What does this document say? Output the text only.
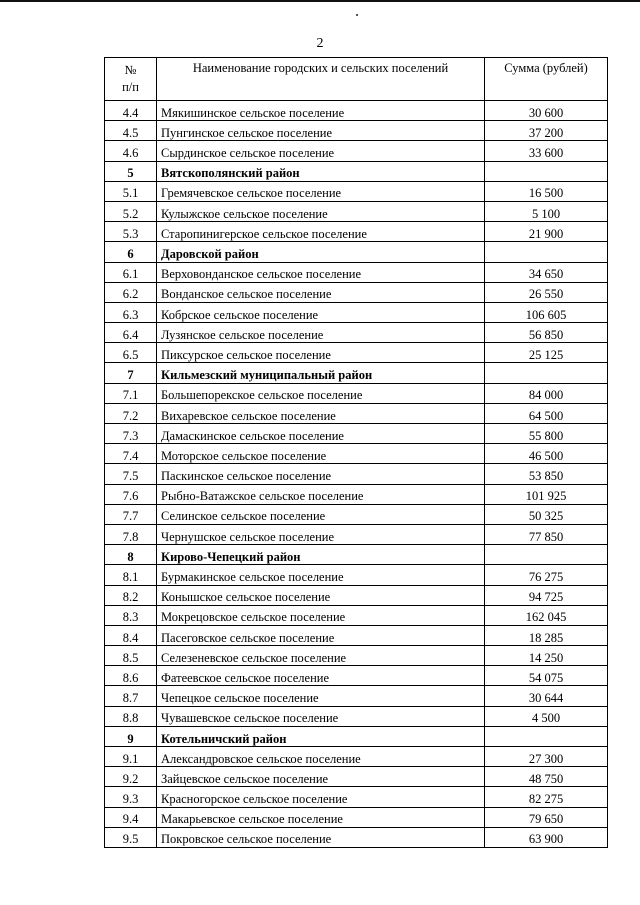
2
№
п/п	Наименование городских и сельских поселений	Сумма (рублей)
4.4	Мякишинское сельское поселение	30 600
4.5	Пунгинское сельское поселение	37 200
4.6	Сырдинское сельское поселение	33 600
5	Вятскополянский район	
5.1	Гремячевское сельское поселение	16 500
5.2	Кулыжское сельское поселение	5 100
5.3	Старопинигерское сельское поселение	21 900
6	Даровской район	
6.1	Верховонданское сельское поселение	34 650
6.2	Вонданское сельское поселение	26 550
6.3	Кобрское сельское поселение	106 605
6.4	Лузянское сельское поселение	56 850
6.5	Пиксурское сельское поселение	25 125
7	Кильмезский муниципальный район	
7.1	Большепорекское сельское поселение	84 000
7.2	Вихаревское сельское поселение	64 500
7.3	Дамаскинское сельское поселение	55 800
7.4	Моторское сельское поселение	46 500
7.5	Паскинское сельское поселение	53 850
7.6	Рыбно-Ватажское сельское поселение	101 925
7.7	Селинское сельское поселение	50 325
7.8	Чернушское сельское поселение	77 850
8	Кирово-Чепецкий район	
8.1	Бурмакинское сельское поселение	76 275
8.2	Конышское сельское поселение	94 725
8.3	Мокрецовское сельское поселение	162 045
8.4	Пасеговское сельское поселение	18 285
8.5	Селезеневское сельское поселение	14 250
8.6	Фатеевское сельское поселение	54 075
8.7	Чепецкое сельское поселение	30 644
8.8	Чувашевское сельское поселение	4 500
9	Котельничский район	
9.1	Александровское сельское поселение	27 300
9.2	Зайцевское сельское поселение	48 750
9.3	Красногорское сельское поселение	82 275
9.4	Макарьевское сельское поселение	79 650
9.5	Покровское сельское поселение	63 900
